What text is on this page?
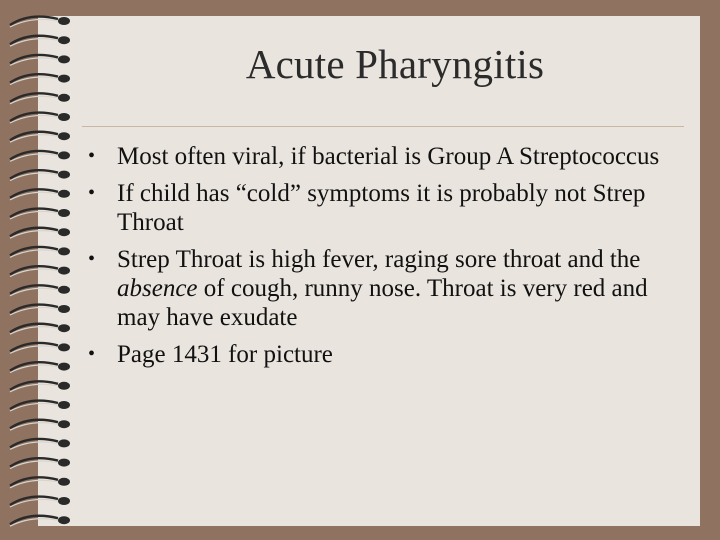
Acute Pharyngitis
• Most often viral, if bacterial is Group A Streptococcus
• If child has “cold” symptoms it is probably not Strep Throat
• Strep Throat is high fever, raging sore throat and the absence of cough, runny nose. Throat is very red and may have exudate
• Page 1431 for picture
